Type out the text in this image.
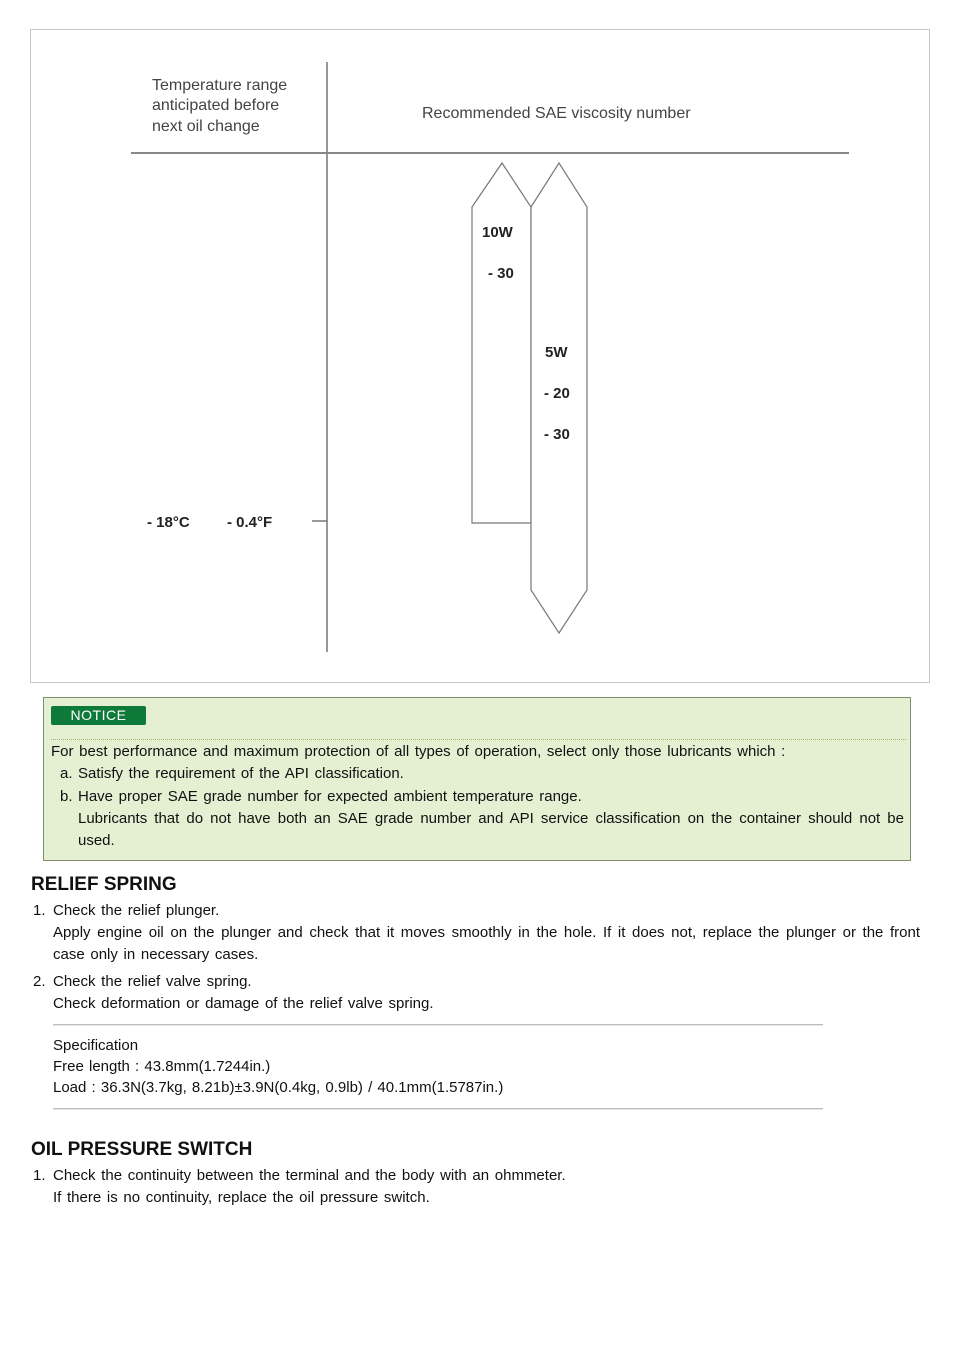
Temperature range
anticipated before
next oil change
Recommended SAE viscosity number
10W
- 30
5W
- 20
- 30
- 18°C - 0.4°F
NOTICE
For best performance and maximum protection of all types of operation, select only those lubricants which :
a. Satisfy the requirement of the API classification.
b. Have proper SAE grade number for expected ambient temperature range.
Lubricants that do not have both an SAE grade number and API service classification on the container should not be used.
RELIEF SPRING
1. Check the relief plunger.

Apply engine oil on the plunger and check that it moves smoothly in the hole. If it does not, replace the plunger or the front case only in necessary cases.

2. Check the relief valve spring.

Check deformation or damage of the relief valve spring.

Specification
Free length : 43.8mm(1.7244in.)
Load : 36.3N(3.7kg, 8.21b)±3.9N(0.4kg, 0.9lb) / 40.1mm(1.5787in.)
OIL PRESSURE SWITCH
1. Check the continuity between the terminal and the body with an ohmmeter.

If there is no continuity, replace the oil pressure switch.
